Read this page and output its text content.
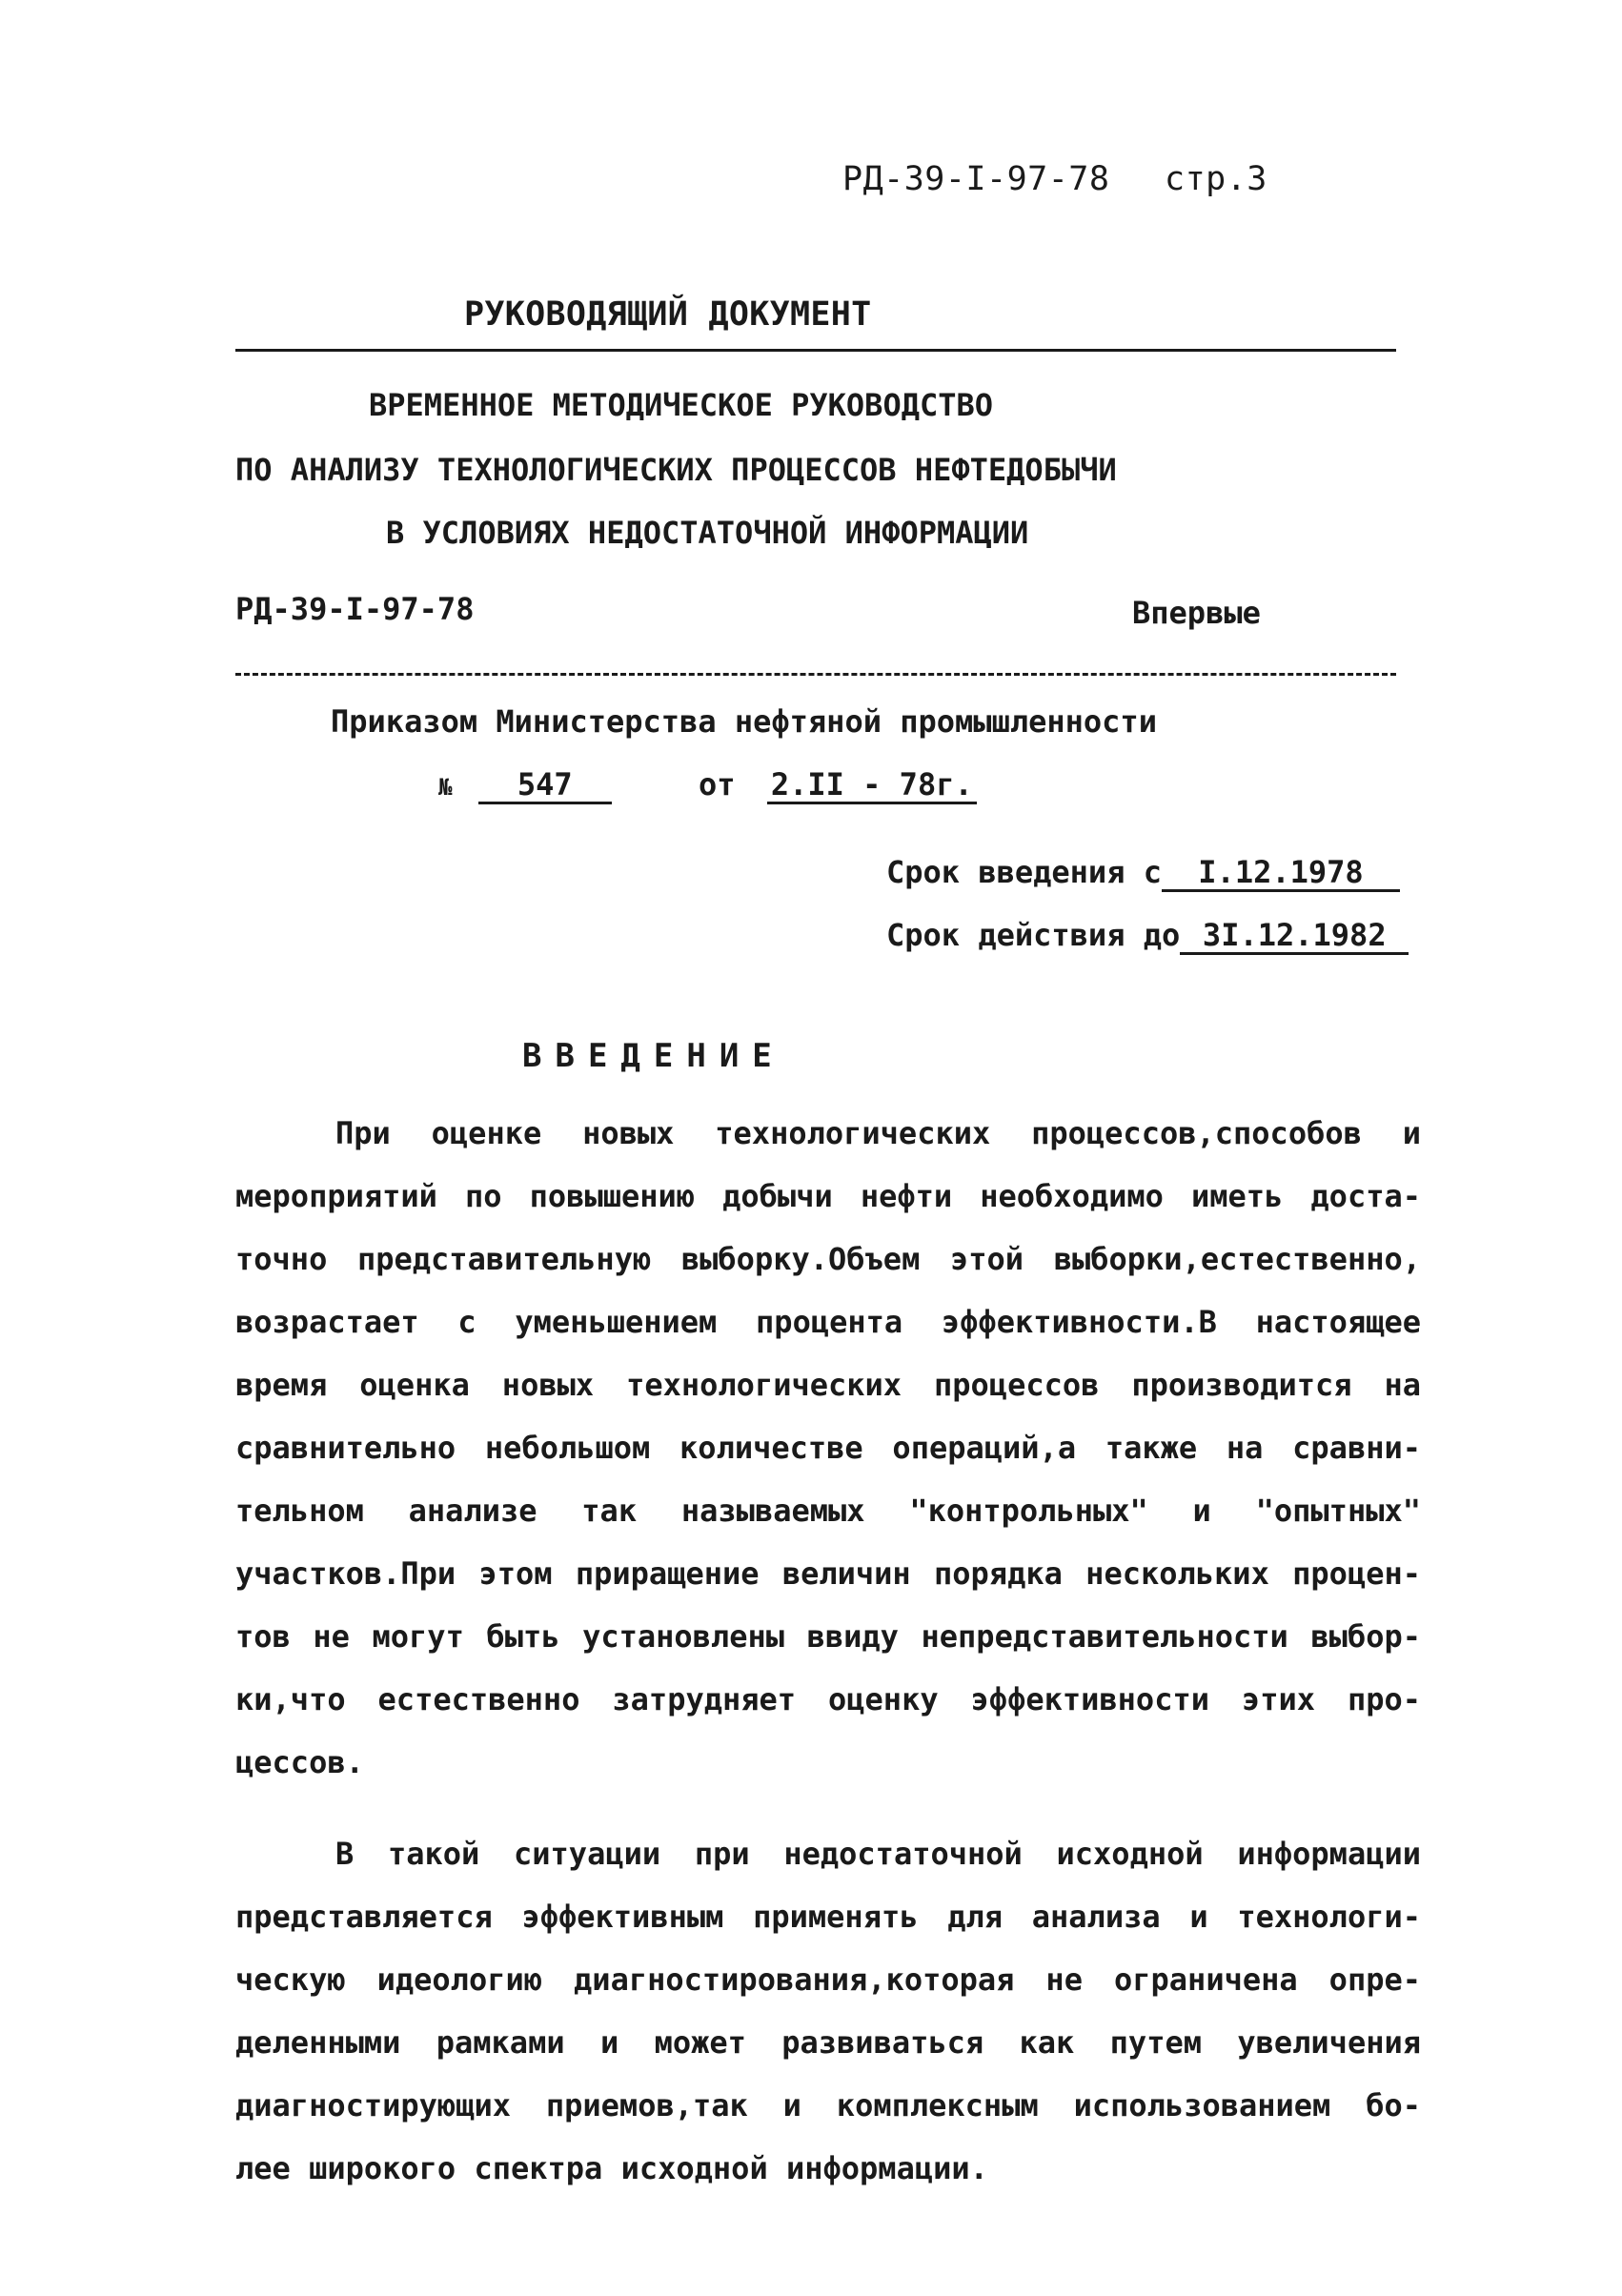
РД-39-I-97-78 стр.3
РУКОВОДЯЩИЙ ДОКУМЕНТ
ВРЕМЕННОЕ МЕТОДИЧЕСКОЕ РУКОВОДСТВО
ПО АНАЛИЗУ ТЕХНОЛОГИЧЕСКИХ ПРОЦЕССОВ НЕФТЕДОБЫЧИ
В УСЛОВИЯХ НЕДОСТАТОЧНОЙ ИНФОРМАЦИИ
РД-39-I-97-78	Впервые
Приказом Министерства нефтяной промышленности
№ 547	от 2.II - 78г.
Срок введения с I.12.1978
Срок действия до 3I.12.1982
ВВЕДЕНИЕ
При оценке новых технологических процессов,способов и
мероприятий по повышению добычи нефти необходимо иметь доста-
точно представительную выборку.Объем этой выборки,естественно,
возрастает с уменьшением процента эффективности.В настоящее
время оценка новых технологических процессов производится на
сравнительно небольшом количестве операций,а также на сравни-
тельном анализе так называемых "контрольных" и "опытных"
участков.При этом приращение величин порядка нескольких процен-
тов не могут быть установлены ввиду непредставительности выбор-
ки,что естественно затрудняет оценку эффективности этих про-
цессов.
В такой ситуации при недостаточной исходной информации
представляется эффективным применять для анализа и технологи-
ческую идеологию диагностирования,которая не ограничена опре-
деленными рамками и может развиваться как путем увеличения
диагностирующих приемов,так и комплексным использованием бо-
лее широкого спектра исходной информации.
